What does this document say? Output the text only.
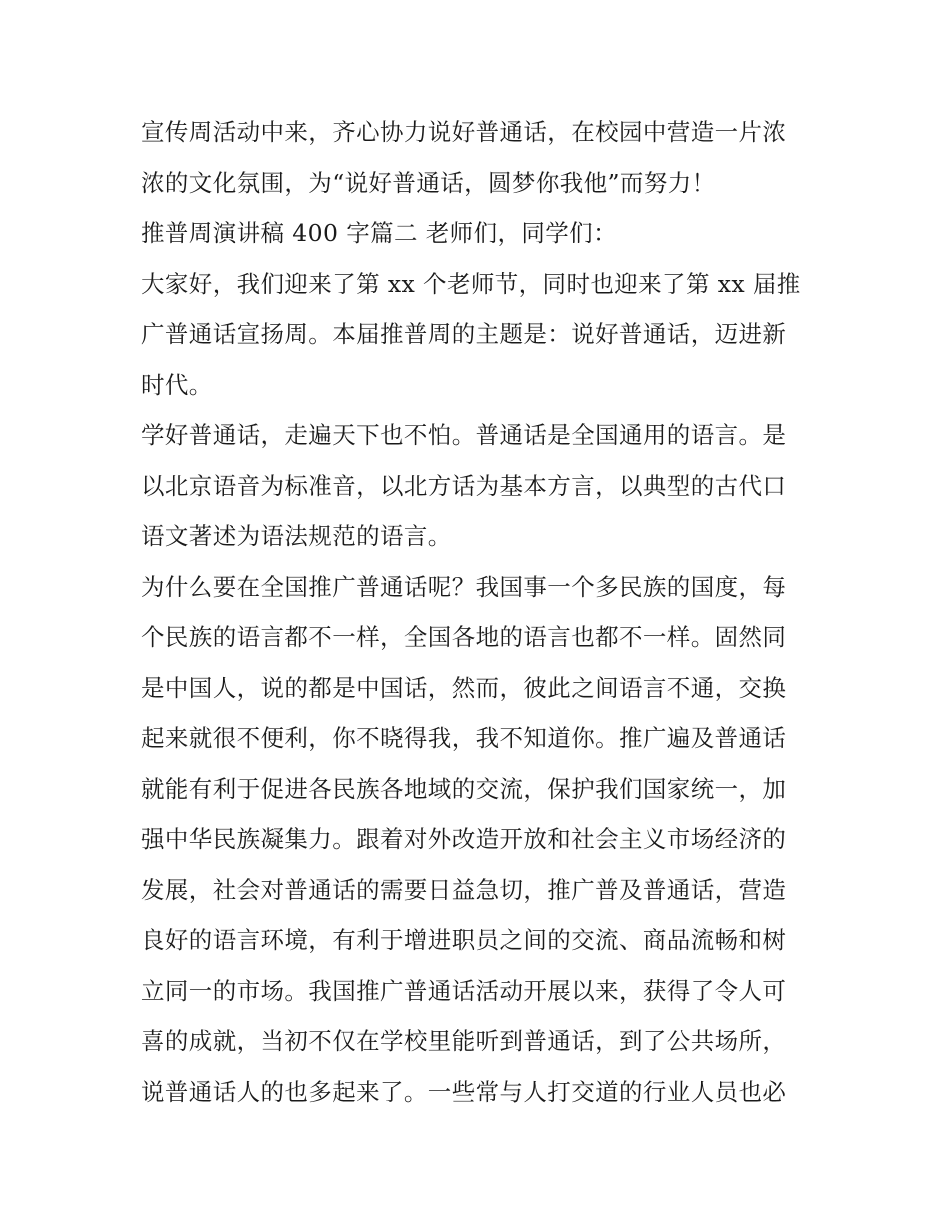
宣传周活动中来，齐心协力说好普通话，在校园中营造一片浓
浓的文化氛围，为“说好普通话，圆梦你我他”而努力！
推普周演讲稿 400 字篇二 老师们，同学们：
大家好，我们迎来了第 xx 个老师节，同时也迎来了第 xx 届推
广普通话宣扬周。本届推普周的主题是：说好普通话，迈进新
时代。
学好普通话，走遍天下也不怕。普通话是全国通用的语言。是
以北京语音为标准音，以北方话为基本方言，以典型的古代口
语文著述为语法规范的语言。
为什么要在全国推广普通话呢？我国事一个多民族的国度，每
个民族的语言都不一样，全国各地的语言也都不一样。固然同
是中国人，说的都是中国话，然而，彼此之间语言不通，交换
起来就很不便利，你不晓得我，我不知道你。推广遍及普通话
就能有利于促进各民族各地域的交流，保护我们国家统一，加
强中华民族凝集力。跟着对外改造开放和社会主义市场经济的
发展，社会对普通话的需要日益急切，推广普及普通话，营造
良好的语言环境，有利于增进职员之间的交流、商品流畅和树
立同一的市场。我国推广普通话活动开展以来，获得了令人可
喜的成就，当初不仅在学校里能听到普通话，到了公共场所，
说普通话人的也多起来了。一些常与人打交道的行业人员也必
